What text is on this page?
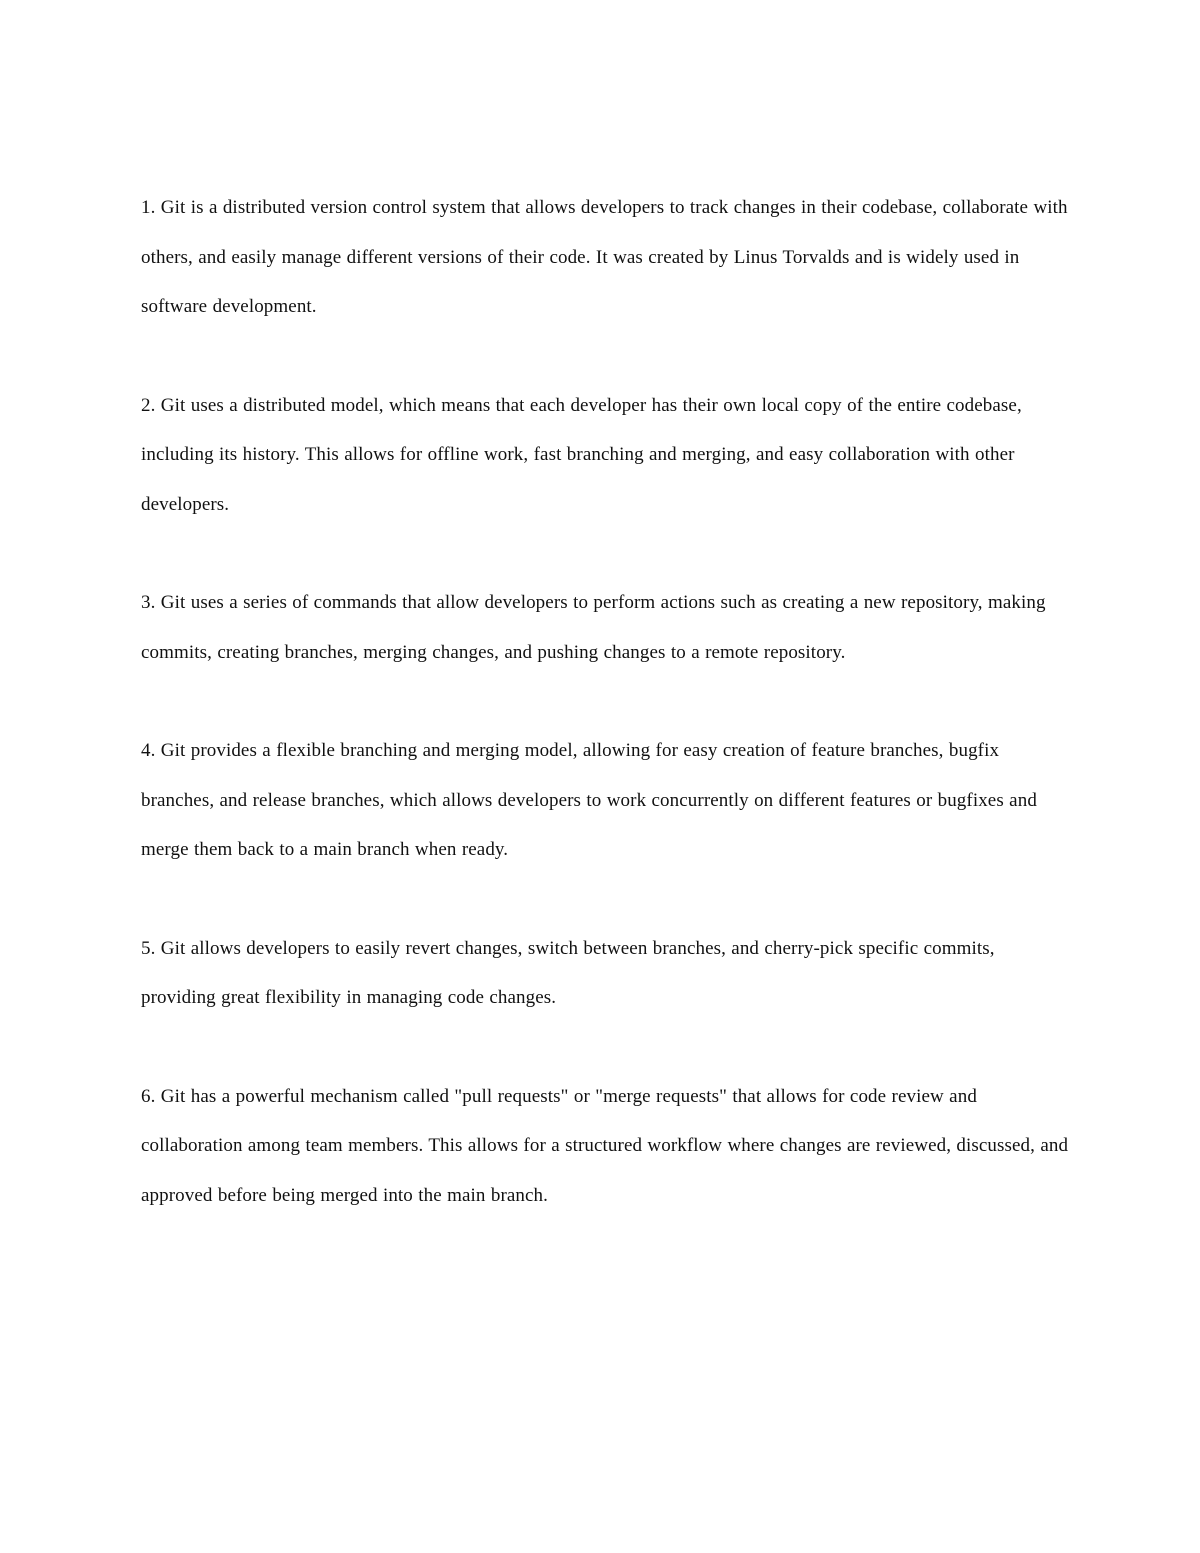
1. Git is a distributed version control system that allows developers to track changes in their codebase, collaborate with others, and easily manage different versions of their code. It was created by Linus Torvalds and is widely used in software development.

2. Git uses a distributed model, which means that each developer has their own local copy of the entire codebase, including its history. This allows for offline work, fast branching and merging, and easy collaboration with other developers.

3. Git uses a series of commands that allow developers to perform actions such as creating a new repository, making commits, creating branches, merging changes, and pushing changes to a remote repository.

4. Git provides a flexible branching and merging model, allowing for easy creation of feature branches, bugfix branches, and release branches, which allows developers to work concurrently on different features or bugfixes and merge them back to a main branch when ready.

5. Git allows developers to easily revert changes, switch between branches, and cherry-pick specific commits, providing great flexibility in managing code changes.

6. Git has a powerful mechanism called "pull requests" or "merge requests" that allows for code review and collaboration among team members. This allows for a structured workflow where changes are reviewed, discussed, and approved before being merged into the main branch.
